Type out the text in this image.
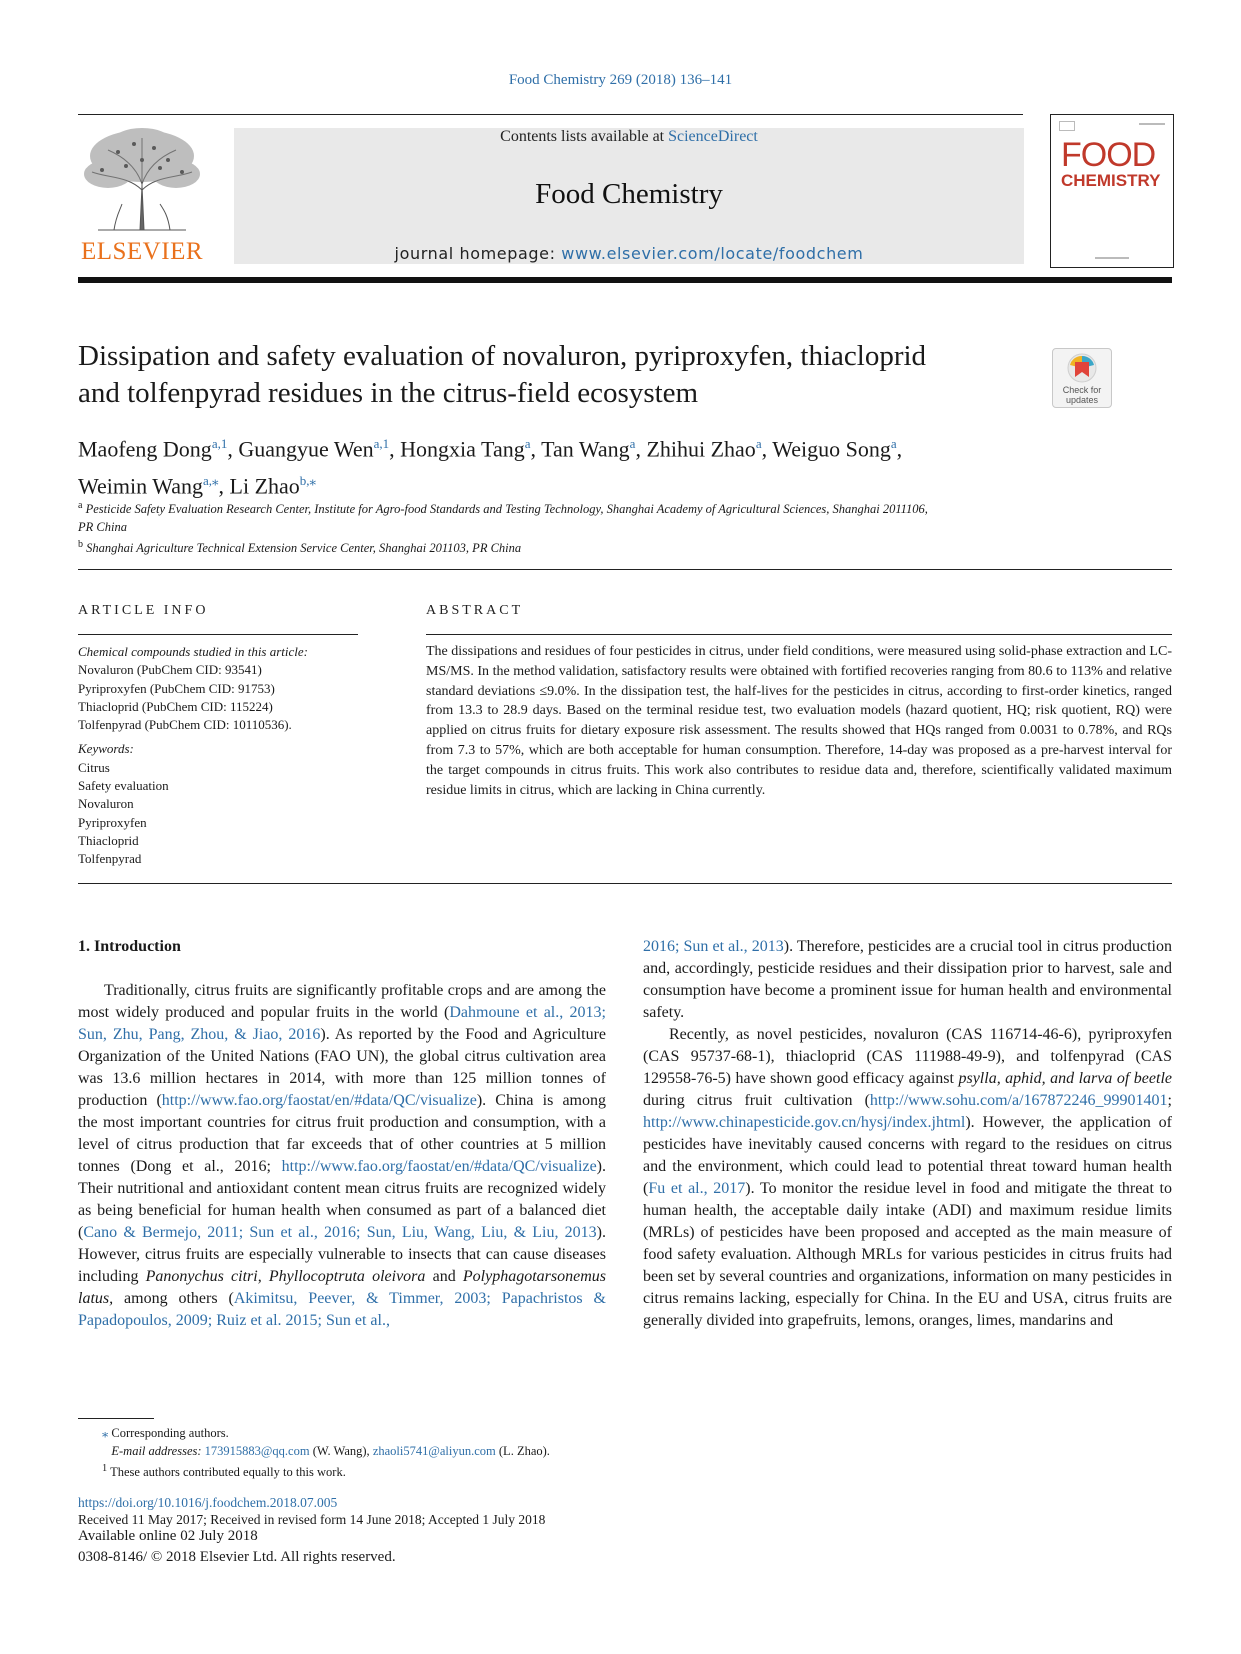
Food Chemistry 269 (2018) 136–141
ELSEVIER
Contents lists available at ScienceDirect
Food Chemistry
journal homepage: www.elsevier.com/locate/foodchem
FOOD
CHEMISTRY
Dissipation and safety evaluation of novaluron, pyriproxyfen, thiacloprid
and tolfenpyrad residues in the citrus-field ecosystem	Check for updates
Maofeng Dong$^{a,1}$, Guangyue Wen$^{a,1}$, Hongxia Tang$^a$, Tan Wang$^a$, Zhihui Zhao$^a$, Weiguo Song$^a$,
Weimin Wang$^{a,⁎}$, Li Zhao$^{b,⁎}$
$^a$ Pesticide Safety Evaluation Research Center, Institute for Agro-food Standards and Testing Technology, Shanghai Academy of Agricultural Sciences, Shanghai 2011106,
PR China
$^b$ Shanghai Agriculture Technical Extension Service Center, Shanghai 201103, PR China
ARTICLE INFO
Chemical compounds studied in this article:
Novaluron (PubChem CID: 93541)
Pyriproxyfen (PubChem CID: 91753)
Thiacloprid (PubChem CID: 115224)
Tolfenpyrad (PubChem CID: 10110536).
Keywords:
Citrus
Safety evaluation
Novaluron
Pyriproxyfen
Thiacloprid
Tolfenpyrad
ABSTRACT
The dissipations and residues of four pesticides in citrus, under field conditions, were measured using solid-phase extraction and LC-MS/MS. In the method validation, satisfactory results were obtained with fortified recoveries ranging from 80.6 to 113% and relative standard deviations ≤9.0%. In the dissipation test, the half-lives for the pesticides in citrus, according to first-order kinetics, ranged from 13.3 to 28.9 days. Based on the terminal residue test, two evaluation models (hazard quotient, HQ; risk quotient, RQ) were applied on citrus fruits for dietary exposure risk assessment. The results showed that HQs ranged from 0.0031 to 0.78%, and RQs from 7.3 to 57%, which are both acceptable for human consumption. Therefore, 14-day was proposed as a pre-harvest interval for the target compounds in citrus fruits. This work also contributes to residue data and, therefore, scientifically validated maximum residue limits in citrus, which are lacking in China currently.
1. Introduction

Traditionally, citrus fruits are significantly profitable crops and are among the most widely produced and popular fruits in the world (Dahmoune et al., 2013; Sun, Zhu, Pang, Zhou, & Jiao, 2016). As reported by the Food and Agriculture Organization of the United Nations (FAO UN), the global citrus cultivation area was 13.6 million hectares in 2014, with more than 125 million tonnes of production (http://www.fao.org/faostat/en/#data/QC/visualize). China is among the most important countries for citrus fruit production and consumption, with a level of citrus production that far exceeds that of other countries at 5 million tonnes (Dong et al., 2016; http://www.fao.org/faostat/en/#data/QC/visualize). Their nutritional and antioxidant content mean citrus fruits are recognized widely as being beneficial for human health when consumed as part of a balanced diet (Cano & Bermejo, 2011; Sun et al., 2016; Sun, Liu, Wang, Liu, & Liu, 2013). However, citrus fruits are especially vulnerable to insects that can cause diseases including Panonychus citri, Phyllocoptruta oleivora and Polyphagotarsonemus latus, among others (Akimitsu, Peever, & Timmer, 2003; Papachristos & Papadopoulos, 2009; Ruiz et al. 2015; Sun et al.,

2016; Sun et al., 2013). Therefore, pesticides are a crucial tool in citrus production and, accordingly, pesticide residues and their dissipation prior to harvest, sale and consumption have become a prominent issue for human health and environmental safety.

Recently, as novel pesticides, novaluron (CAS 116714-46-6), pyriproxyfen (CAS 95737-68-1), thiacloprid (CAS 111988-49-9), and tolfenpyrad (CAS 129558-76-5) have shown good efficacy against psylla, aphid, and larva of beetle during citrus fruit cultivation (http://www.sohu.com/a/167872246_99901401; http://www.chinapesticide.gov.cn/hysj/index.jhtml). However, the application of pesticides have inevitably caused concerns with regard to the residues on citrus and the environment, which could lead to potential threat toward human health (Fu et al., 2017). To monitor the residue level in food and mitigate the threat to human health, the acceptable daily intake (ADI) and maximum residue limits (MRLs) of pesticides have been proposed and accepted as the main measure of food safety evaluation. Although MRLs for various pesticides in citrus fruits had been set by several countries and organizations, information on many pesticides in citrus remains lacking, especially for China. In the EU and USA, citrus fruits are generally divided into grapefruits, lemons, oranges, limes, mandarins and

⁎ Corresponding authors.
E-mail addresses: 173915883@qq.com (W. Wang), zhaoli5741@aliyun.com (L. Zhao).
$^1$ These authors contributed equally to this work.
https://doi.org/10.1016/j.foodchem.2018.07.005
Received 11 May 2017; Received in revised form 14 June 2018; Accepted 1 July 2018
Available online 02 July 2018
0308-8146/ © 2018 Elsevier Ltd. All rights reserved.
